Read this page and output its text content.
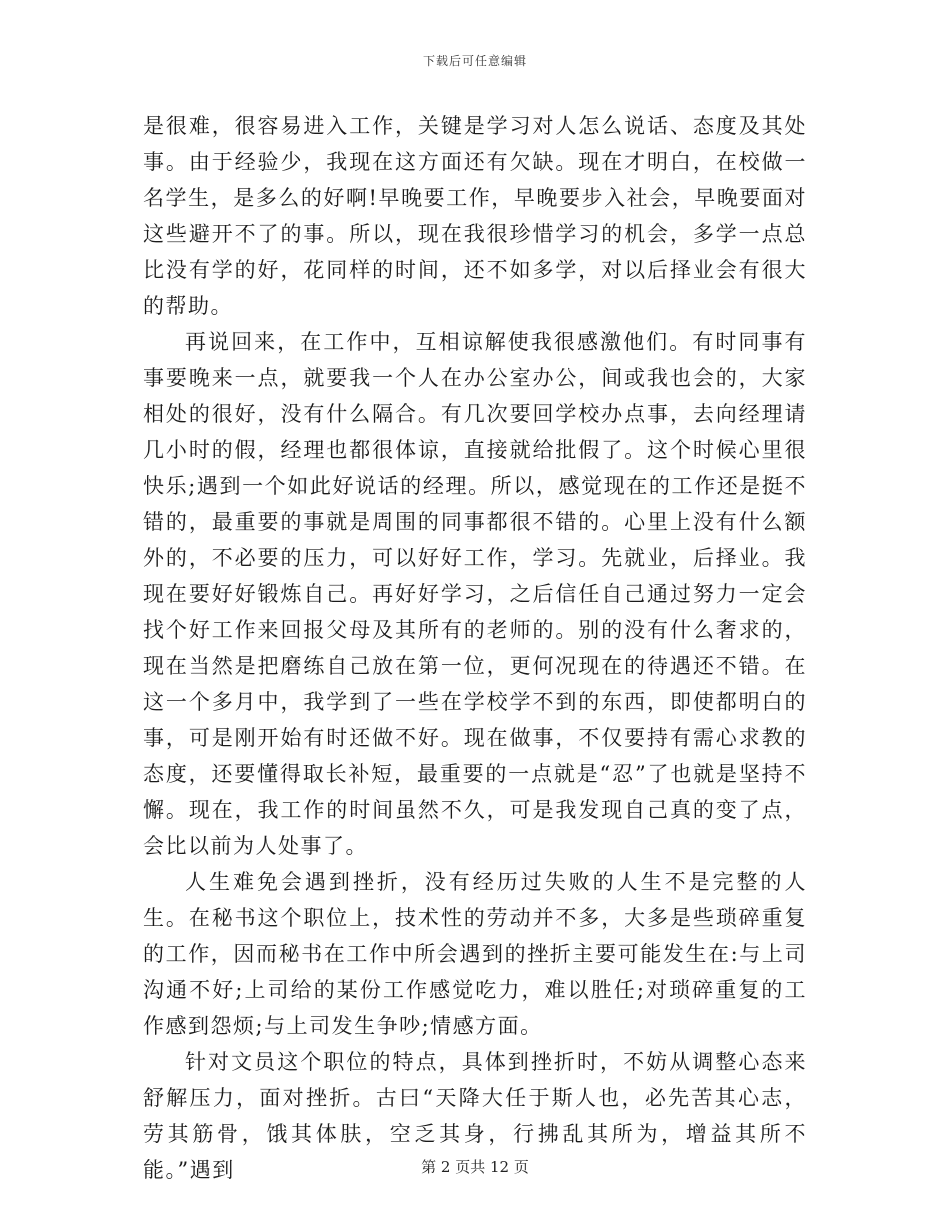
下载后可任意编辑

是很难，很容易进入工作，关键是学习对人怎么说话、态度及其处事。由于经验少，我现在这方面还有欠缺。现在才明白，在校做一名学生，是多么的好啊!早晚要工作，早晚要步入社会，早晚要面对这些避开不了的事。所以，现在我很珍惜学习的机会，多学一点总比没有学的好，花同样的时间，还不如多学，对以后择业会有很大的帮助。

再说回来，在工作中，互相谅解使我很感激他们。有时同事有事要晚来一点，就要我一个人在办公室办公，间或我也会的，大家相处的很好，没有什么隔合。有几次要回学校办点事，去向经理请几小时的假，经理也都很体谅，直接就给批假了。这个时候心里很快乐;遇到一个如此好说话的经理。所以，感觉现在的工作还是挺不错的，最重要的事就是周围的同事都很不错的。心里上没有什么额外的，不必要的压力，可以好好工作，学习。先就业，后择业。我现在要好好锻炼自己。再好好学习，之后信任自己通过努力一定会找个好工作来回报父母及其所有的老师的。别的没有什么奢求的，现在当然是把磨练自己放在第一位，更何况现在的待遇还不错。在这一个多月中，我学到了一些在学校学不到的东西，即使都明白的事，可是刚开始有时还做不好。现在做事，不仅要持有需心求教的态度，还要懂得取长补短，最重要的一点就是“忍”了也就是坚持不懈。现在，我工作的时间虽然不久，可是我发现自己真的变了点，会比以前为人处事了。

人生难免会遇到挫折，没有经历过失败的人生不是完整的人生。在秘书这个职位上，技术性的劳动并不多，大多是些琐碎重复的工作，因而秘书在工作中所会遇到的挫折主要可能发生在:与上司沟通不好;上司给的某份工作感觉吃力，难以胜任;对琐碎重复的工作感到怨烦;与上司发生争吵;情感方面。

针对文员这个职位的特点，具体到挫折时，不妨从调整心态来舒解压力，面对挫折。古曰“天降大任于斯人也，必先苦其心志，劳其筋骨，饿其体肤，空乏其身，行拂乱其所为，增益其所不能。”遇到	第 2 页共 12 页
